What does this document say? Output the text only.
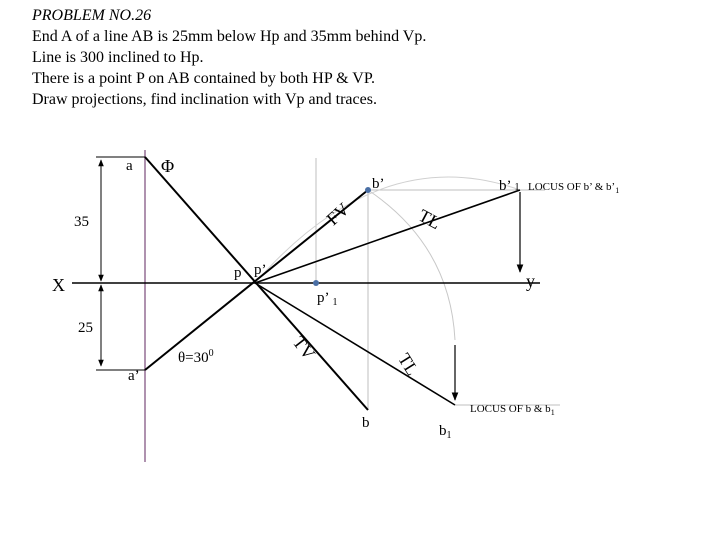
PROBLEM NO.26
End A of a line AB is 25mm below Hp and 35mm behind Vp.
Line is 300 inclined to Hp.
There is a point P on AB contained by both HP & VP.
Draw projections, find inclination with Vp and traces.
a Φ
b’	b’ 1 LOCUS OF b’ & $b’_1$
FV	TL
35
X	y
p p’
p’ $_1$
25
a’
$\theta=30^0$	TV
TL
b	$b_1$
LOCUS OF b & $b_1$
